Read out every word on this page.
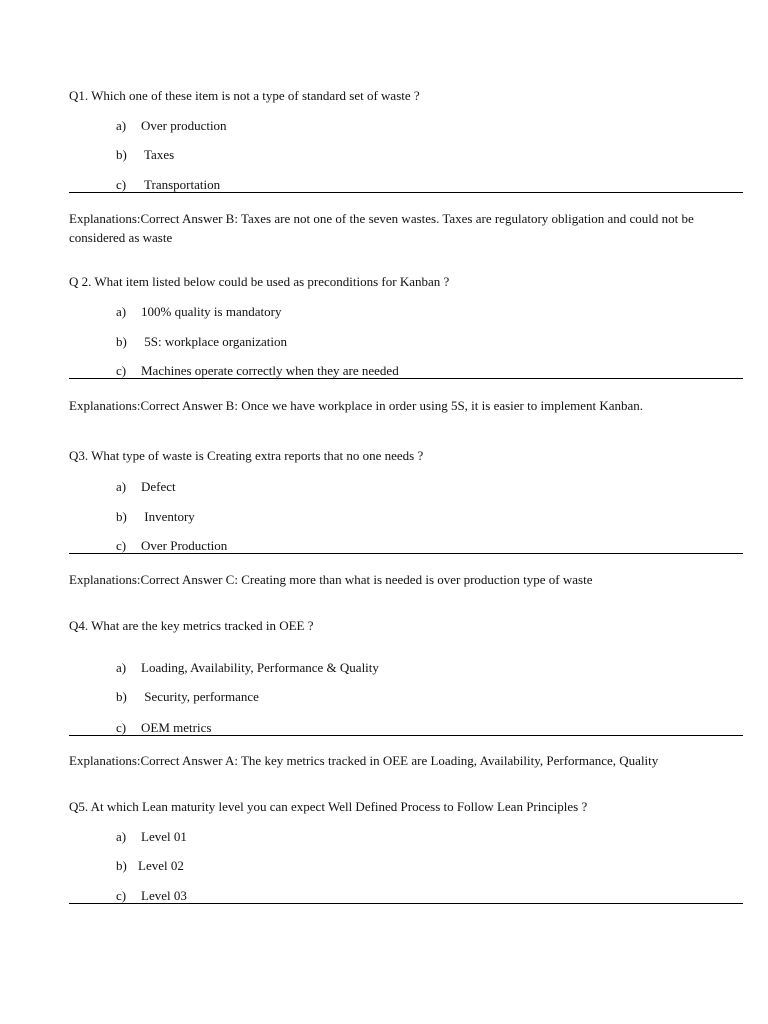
Q1. Which one of these item is not a type of standard set of waste ?
a) Over production
b) Taxes
c) Transportation
Explanations:Correct Answer B: Taxes are not one of the seven wastes. Taxes are regulatory obligation and could not be considered as waste
Q 2. What item listed below could be used as preconditions for Kanban ?
a) 100% quality is mandatory
b) 5S: workplace organization
c) Machines operate correctly when they are needed
Explanations:Correct Answer B: Once we have workplace in order using 5S, it is easier to implement Kanban.
Q3. What type of waste is Creating extra reports that no one needs ?
a) Defect
b) Inventory
c) Over Production
Explanations:Correct Answer C: Creating more than what is needed is over production type of waste
Q4. What are the key metrics tracked in OEE ?
a) Loading, Availability, Performance & Quality
b) Security, performance
c) OEM metrics
Explanations:Correct Answer A: The key metrics tracked in OEE are Loading, Availability, Performance, Quality
Q5. At which Lean maturity level you can expect Well Defined Process to Follow Lean Principles ?
a) Level 01
b) Level 02
c) Level 03
